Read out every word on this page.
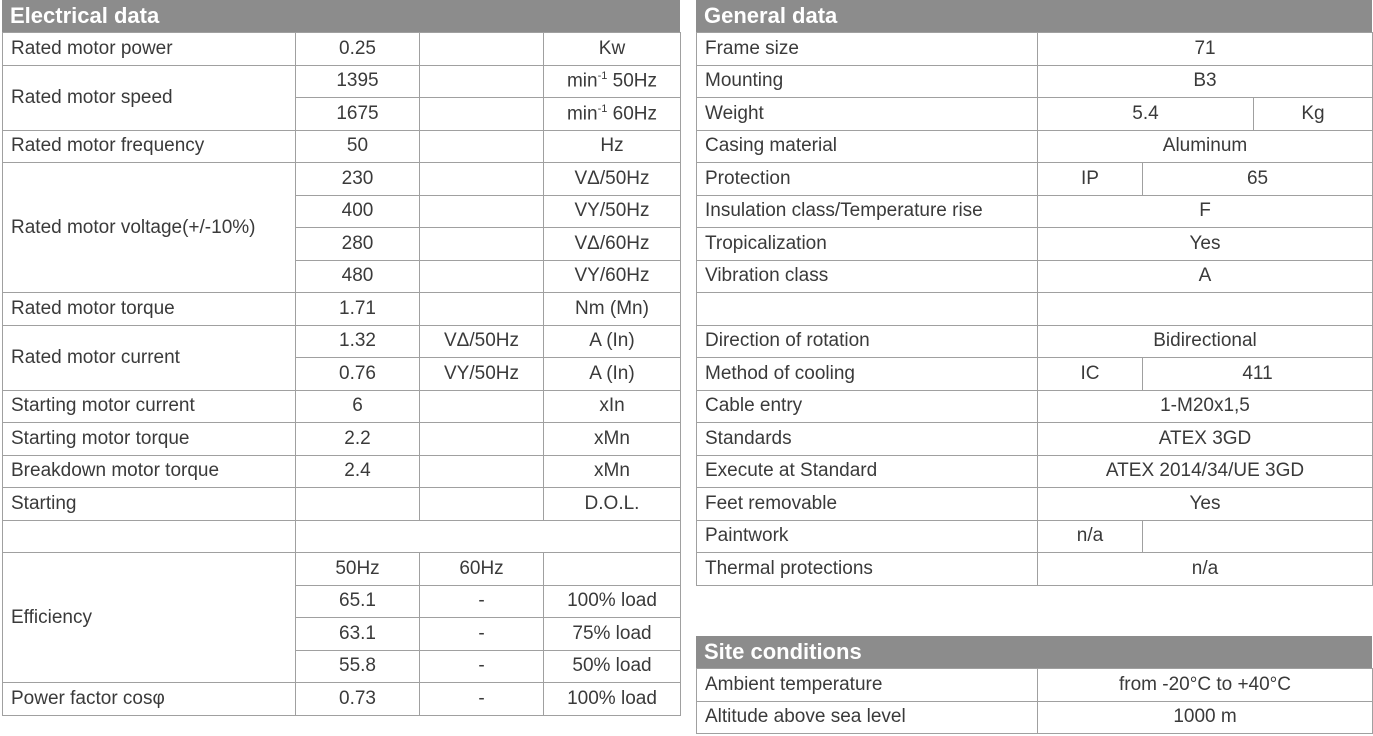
Electrical data
Rated motor power	0.25		Kw
Rated motor speed	1395		$\min^{-1} 50Hz$
	1675		$\min^{-1} 60Hz$
Rated motor frequency	50		Hz
Rated motor voltage(+/-10%)	230		VΔ/50Hz
	400		VY/50Hz
	280		VΔ/60Hz
	480		VY/60Hz
Rated motor torque	1.71		Nm (Mn)
Rated motor current	1.32	VΔ/50Hz	A (In)
	0.76	VY/50Hz	A (In)
Starting motor current	6		xIn
Starting motor torque	2.2		xMn
Breakdown motor torque	2.4		xMn
Starting			D.O.L.

Efficiency	50Hz	60Hz	
	65.1	-	100% load
	63.1	-	75% load
	55.8	-	50% load
Power factor cosφ	0.73	-	100% load
General data
Frame size	71		
Mounting	B3		
Weight	5.4		Kg
Casing material	Aluminum		
Protection	IP	65	
Insulation class/Temperature rise	F		
Tropicalization	Yes		
Vibration class	A		

Direction of rotation	Bidirectional		
Method of cooling	IC	411	
Cable entry	1-M20x1,5		
Standards	ATEX 3GD		
Execute at Standard	ATEX 2014/34/UE 3GD		
Feet removable	Yes		
Paintwork	n/a		
Thermal protections	n/a		
Site conditions
Ambient temperature	from -20°C to +40°C
Altitude above sea level	1000 m
